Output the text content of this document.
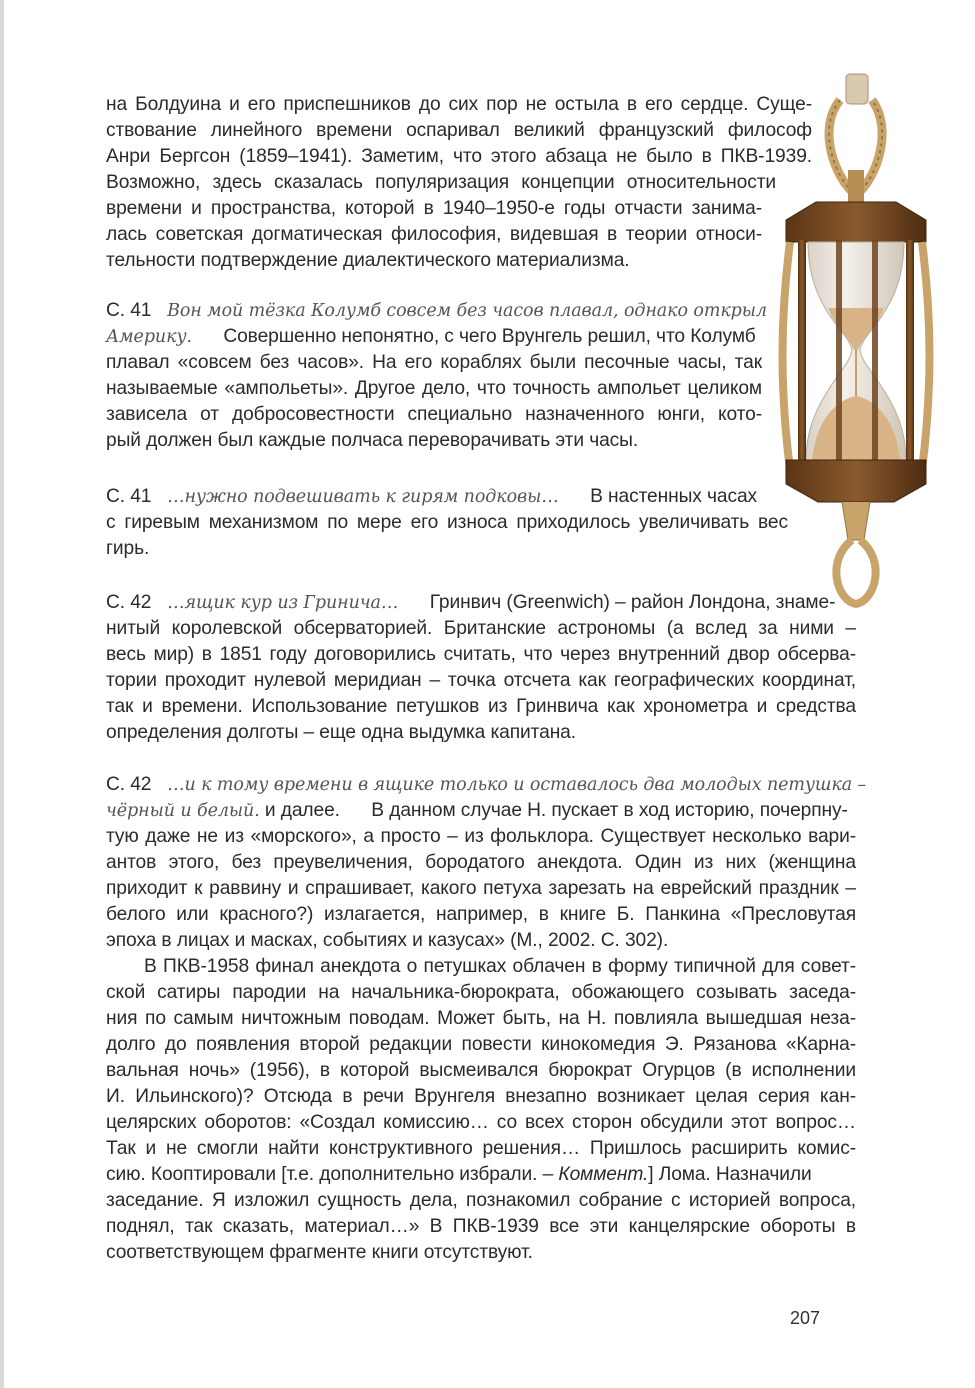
на Болдуина и его приспешников до сих пор не остыла в его сердце. Суще-

ствование линейного времени оспаривал великий французский философ

Анри Бергсон (1859–1941). Заметим, что этого абзаца не было в ПКВ-1939.

Возможно, здесь сказалась популяризация концепции относительности

времени и пространства, которой в 1940–1950-е годы отчасти занима-

лась советская догматическая философия, видевшая в теории относи-

тельности подтверждение диалектического материализма.

С. 41 Вон мой тёзка Колумб совсем без часов плавал, однако открыл

Америку. Совершенно непонятно, с чего Врунгель решил, что Колумб

плавал «совсем без часов». На его кораблях были песочные часы, так

называемые «ампольеты». Другое дело, что точность ампольет целиком

зависела от добросовестности специально назначенного юнги, кото-

рый должен был каждые полчаса переворачивать эти часы.

С. 41 …нужно подвешивать к гирям подковы… В настенных часах

с гиревым механизмом по мере его износа приходилось увеличивать вес

гирь.

С. 42 …ящик кур из Гринича… Гринвич (Greenwich) – район Лондона, знаме-

нитый королевской обсерваторией. Британские астрономы (а вслед за ними –

весь мир) в 1851 году договорились считать, что через внутренний двор обсерва-

тории проходит нулевой меридиан – точка отсчета как географических координат,

так и времени. Использование петушков из Гринвича как хронометра и средства

определения долготы – еще одна выдумка капитана.

С. 42 …и к тому времени в ящике только и оставалось два молодых петушка –

чёрный и белый. и далее. В данном случае Н. пускает в ход историю, почерпну-

тую даже не из «морского», а просто – из фольклора. Существует несколько вари-

антов этого, без преувеличения, бородатого анекдота. Один из них (женщина

приходит к раввину и спрашивает, какого петуха зарезать на еврейский праздник –

белого или красного?) излагается, например, в книге Б. Панкина «Пресловутая

эпоха в лицах и масках, событиях и казусах» (М., 2002. С. 302).

В ПКВ-1958 финал анекдота о петушках облачен в форму типичной для совет-

ской сатиры пародии на начальника-бюрократа, обожающего созывать заседа-

ния по самым ничтожным поводам. Может быть, на Н. повлияла вышедшая неза-

долго до появления второй редакции повести кинокомедия Э. Рязанова «Карна-

вальная ночь» (1956), в которой высмеивался бюрократ Огурцов (в исполнении

И. Ильинского)? Отсюда в речи Врунгеля внезапно возникает целая серия кан-

целярских оборотов: «Создал комиссию… со всех сторон обсудили этот вопрос…

Так и не смогли найти конструктивного решения… Пришлось расширить комис-

сию. Кооптировали [т.е. дополнительно избрали. – Коммент.] Лома. Назначили

заседание. Я изложил сущность дела, познакомил собрание с историей вопроса,

поднял, так сказать, материал…» В ПКВ-1939 все эти канцелярские обороты в

соответствующем фрагменте книги отсутствуют.

207
